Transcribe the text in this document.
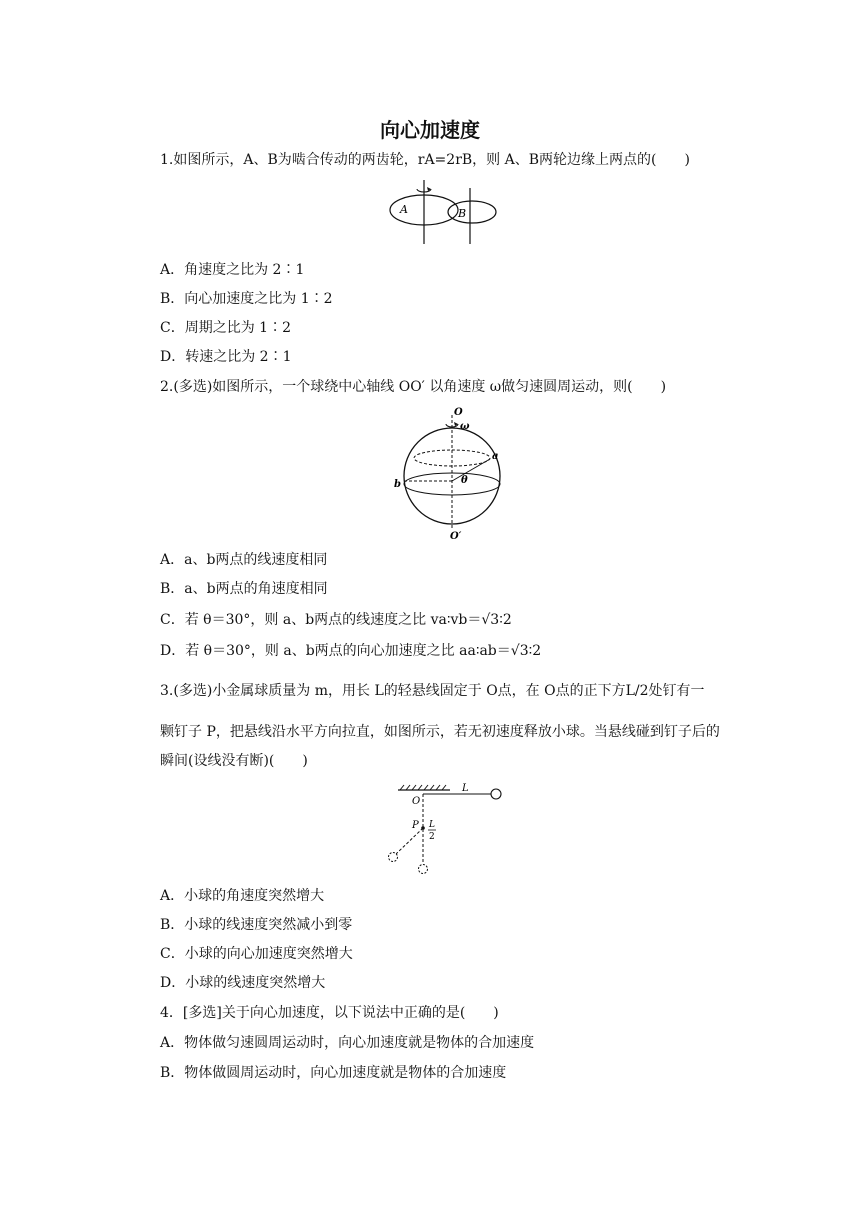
向心加速度
1.如图所示，A、B为啮合传动的两齿轮，rA=2rB，则 A、B两轮边缘上两点的(　　)
A	B
A．角速度之比为 2∶1
B．向心加速度之比为 1∶2
C．周期之比为 1∶2
D．转速之比为 2∶1
2.(多选)如图所示，一个球绕中心轴线 OO′ 以角速度 ω做匀速圆周运动，则(　　)
O
ω
a
θ
b
O′
A．a、b两点的线速度相同
B．a、b两点的角速度相同
C．若 θ＝30°，则 a、b两点的线速度之比 va∶vb＝√3∶2
D．若 θ＝30°，则 a、b两点的向心加速度之比 aa∶ab＝√3∶2
3.(多选)小金属球质量为 m，用长 L的轻悬线固定于 O点，在 O点的正下方L/2处钉有一
颗钉子 P，把悬线沿水平方向拉直，如图所示，若无初速度释放小球。当悬线碰到钉子后的
瞬间(设线没有断)(　　)
O
L
P L
2
A．小球的角速度突然增大
B．小球的线速度突然减小到零
C．小球的向心加速度突然增大
D．小球的线速度突然增大
4．[多选]关于向心加速度，以下说法中正确的是(　　)
A．物体做匀速圆周运动时，向心加速度就是物体的合加速度
B．物体做圆周运动时，向心加速度就是物体的合加速度
